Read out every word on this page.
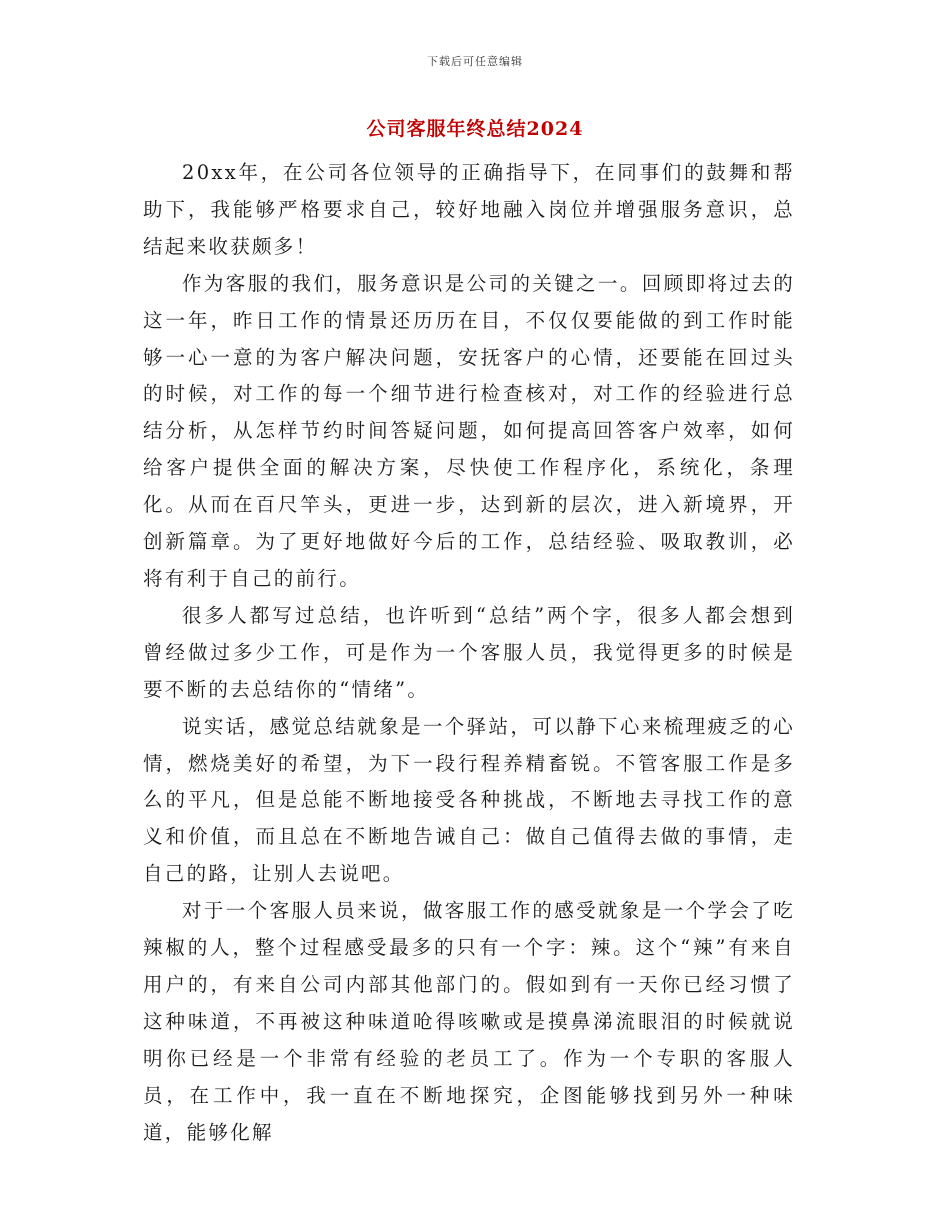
下载后可任意编辑
公司客服年终总结2024

20xx年，在公司各位领导的正确指导下，在同事们的鼓舞和帮助下，我能够严格要求自己，较好地融入岗位并增强服务意识，总结起来收获颇多！

作为客服的我们，服务意识是公司的关键之一。回顾即将过去的这一年，昨日工作的情景还历历在目，不仅仅要能做的到工作时能够一心一意的为客户解决问题，安抚客户的心情，还要能在回过头的时候，对工作的每一个细节进行检查核对，对工作的经验进行总结分析，从怎样节约时间答疑问题，如何提高回答客户效率，如何给客户提供全面的解决方案，尽快使工作程序化，系统化，条理化。从而在百尺竿头，更进一步，达到新的层次，进入新境界，开创新篇章。为了更好地做好今后的工作，总结经验、吸取教训，必将有利于自己的前行。

很多人都写过总结，也许听到“总结”两个字，很多人都会想到曾经做过多少工作，可是作为一个客服人员，我觉得更多的时候是要不断的去总结你的“情绪”。

说实话，感觉总结就象是一个驿站，可以静下心来梳理疲乏的心情，燃烧美好的希望，为下一段行程养精畜锐。不管客服工作是多么的平凡，但是总能不断地接受各种挑战，不断地去寻找工作的意义和价值，而且总在不断地告诫自己：做自己值得去做的事情，走自己的路，让别人去说吧。

对于一个客服人员来说，做客服工作的感受就象是一个学会了吃辣椒的人，整个过程感受最多的只有一个字：辣。这个“辣”有来自用户的，有来自公司内部其他部门的。假如到有一天你已经习惯了这种味道，不再被这种味道呛得咳嗽或是摸鼻涕流眼泪的时候就说明你已经是一个非常有经验的老员工了。作为一个专职的客服人员，在工作中，我一直在不断地探究，企图能够找到另外一种味道，能够化解
